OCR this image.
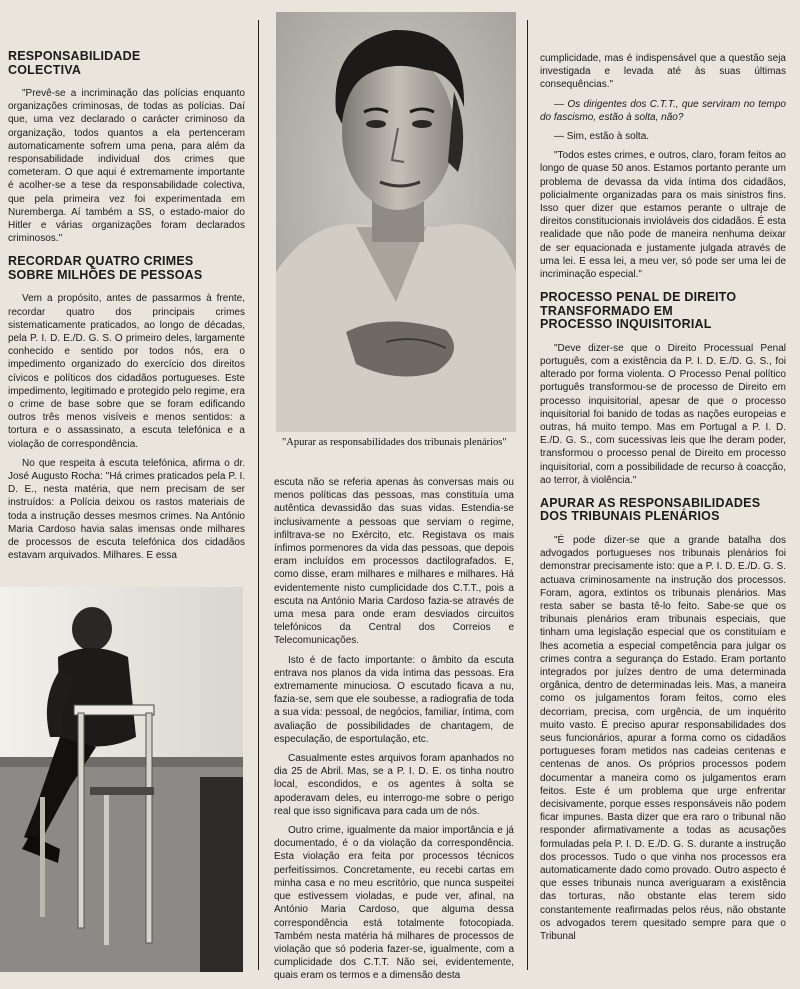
RESPONSABILIDADE
COLECTIVA

"Prevê-se a incriminação das polícias enquanto organizações criminosas, de todas as polícias. Daí que, uma vez declarado o carácter criminoso da organização, todos quantos a ela pertenceram automaticamente sofrem uma pena, para além da responsabilidade individual dos crimes que cometeram. O que aqui é extremamente importante é acolher-se a tese da responsabilidade colectiva, que pela primeira vez foi experimentada em Nuremberga. Aí também a SS, o estado-maior do Hitler e várias organizações foram declarados criminosos."

RECORDAR QUATRO CRIMES
SOBRE MILHÕES DE PESSOAS

Vem a propósito, antes de passarmos à frente, recordar quatro dos principais crimes sistematicamente praticados, ao longo de décadas, pela P. I. D. E./D. G. S. O primeiro deles, largamente conhecido e sentido por todos nós, era o impedimento organizado do exercício dos direitos cívicos e políticos dos cidadãos portugueses. Este impedimento, legitimado e protegido pelo regime, era o crime de base sobre que se foram edificando outros três menos visíveis e menos sentidos: a tortura e o assassinato, a escuta telefónica e a violação de correspondência.

No que respeita à escuta telefónica, afirma o dr. José Augusto Rocha: "Há crimes praticados pela P. I. D. E., nesta matéria, que nem precisam de ser instruídos: a Polícia deixou os rastos materiais de toda a instrução desses mesmos crimes. Na António Maria Cardoso havia salas imensas onde milhares de processos de escuta telefónica dos cidadãos estavam arquivados. Milhares. E essa

"Apurar as responsabilidades dos tribunais plenários"

escuta não se referia apenas às conversas mais ou menos políticas das pessoas, mas constituía uma autêntica devassidão das suas vidas. Estendia-se inclusivamente a pessoas que serviam o regime, infiltrava-se no Exército, etc. Registava os mais ínfimos pormenores da vida das pessoas, que depois eram incluídos em processos dactilografados. E, como disse, eram milhares e milhares e milhares. Há evidentemente nisto cumplicidade dos C.T.T., pois a escuta na António Maria Cardoso fazia-se através de uma mesa para onde eram desviados circuitos telefónicos da Central dos Correios e Telecomunicações.

Isto é de facto importante: o âmbito da escuta entrava nos planos da vida íntima das pessoas. Era extremamente minuciosa. O escutado ficava a nu, fazia-se, sem que ele soubesse, a radiografia de toda a sua vida: pessoal, de negócios, familiar, íntima, com avaliação de possibilidades de chantagem, de especulação, de esportulação, etc.

Casualmente estes arquivos foram apanhados no dia 25 de Abril. Mas, se a P. I. D. E. os tinha noutro local, escondidos, e os agentes à solta se apoderavam deles, eu interrogo-me sobre o perigo real que isso significava para cada um de nós.

Outro crime, igualmente da maior importância e já documentado, é o da violação da correspondência. Esta violação era feita por processos técnicos perfeitíssimos. Concretamente, eu recebi cartas em minha casa e no meu escritório, que nunca suspeitei que estivessem violadas, e pude ver, afinal, na António Maria Cardoso, que alguma dessa correspondência está totalmente fotocopiada. Também nesta matéria há milhares de processos de violação que só poderia fazer-se, igualmente, com a cumplicidade dos C.T.T. Não sei, evidentemente, quais eram os termos e a dimensão desta

cumplicidade, mas é indispensável que a questão seja investigada e levada até às suas últimas consequências."

— Os dirigentes dos C.T.T., que serviram no tempo do fascismo, estão à solta, não?

— Sim, estão à solta.

"Todos estes crimes, e outros, claro, foram feitos ao longo de quase 50 anos. Estamos portanto perante um problema de devassa da vida íntima dos cidadãos, policialmente organizadas para os mais sinistros fins. Isso quer dizer que estamos perante o ultraje de direitos constitucionais invioláveis dos cidadãos. É esta realidade que não pode de maneira nenhuma deixar de ser equacionada e justamente julgada através de uma lei. E essa lei, a meu ver, só pode ser uma lei de incriminação especial."

PROCESSO PENAL DE DIREITO
TRANSFORMADO EM
PROCESSO INQUISITORIAL

"Deve dizer-se que o Direito Processual Penal português, com a existência da P. I. D. E./D. G. S., foi alterado por forma violenta. O Processo Penal político português transformou-se de processo de Direito em processo inquisitorial, apesar de que o processo inquisitorial foi banido de todas as nações europeias e outras, há muito tempo. Mas em Portugal a P. I. D. E./D. G. S., com sucessivas leis que lhe deram poder, transformou o processo penal de Direito em processo inquisitorial, com a possibilidade de recurso à coacção, ao terror, à violência."

APURAR AS RESPONSABILIDADES
DOS TRIBUNAIS PLENÁRIOS

"É pode dizer-se que a grande batalha dos advogados portugueses nos tribunais plenários foi demonstrar precisamente isto: que a P. I. D. E./D. G. S. actuava criminosamente na instrução dos processos. Foram, agora, extintos os tribunais plenários. Mas resta saber se basta tê-lo feito. Sabe-se que os tribunais plenários eram tribunais especiais, que tinham uma legislação especial que os constituíam e lhes acometia a especial competência para julgar os crimes contra a segurança do Estado. Eram portanto integrados por juízes dentro de uma determinada orgânica, dentro de determinadas leis. Mas, a maneira como os julgamentos foram feitos, como eles decorriam, precisa, com urgência, de um inquérito muito vasto. É preciso apurar responsabilidades dos seus funcionários, apurar a forma como os cidadãos portugueses foram metidos nas cadeias centenas e centenas de anos. Os próprios processos podem documentar a maneira como os julgamentos eram feitos. Este é um problema que urge enfrentar decisivamente, porque esses responsáveis não podem ficar impunes. Basta dizer que era raro o tribunal não responder afirmativamente a todas as acusações formuladas pela P. I. D. E./D. G. S. durante a instrução dos processos. Tudo o que vinha nos processos era automaticamente dado como provado. Outro aspecto é que esses tribunais nunca averiguaram a existência das torturas, não obstante elas terem sido constantemente reafirmadas pelos réus, não obstante os advogados terem quesitado sempre para que o Tribunal
